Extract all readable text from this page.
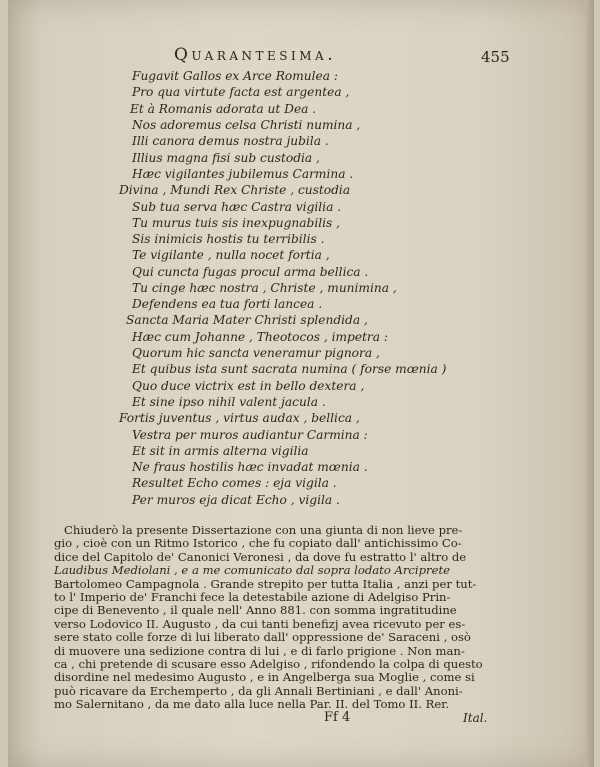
Quarantesima.	455
Fugavit Gallos ex Arce Romulea :
Pro qua virtute facta est argentea ,
Et à Romanis adorata ut Dea .
Nos adoremus celsa Christi numina ,
Illi canora demus nostra jubila .
Illius magna fisi sub custodia ,
Hæc vigilantes jubilemus Carmina .
Divina , Mundi Rex Christe , custodia
Sub tua serva hæc Castra vigilia .
Tu murus tuis sis inexpugnabilis ,
Sis inimicis hostis tu terribilis .
Te vigilante , nulla nocet fortia ,
Qui cuncta fugas procul arma bellica .
Tu cinge hæc nostra , Christe , munimina ,
Defendens ea tua forti lancea .
Sancta Maria Mater Christi splendida ,
Hæc cum Johanne , Theotocos , impetra :
Quorum hic sancta veneramur pignora ,
Et quibus ista sunt sacrata numina ( forse mœnia )
Quo duce victrix est in bello dextera ,
Et sine ipso nihil valent jacula .
Fortis juventus , virtus audax , bellica ,
Vestra per muros audiantur Carmina :
Et sit in armis alterna vigilia
Ne fraus hostilis hæc invadat mœnia .
Resultet Echo comes : eja vigila .
Per muros eja dicat Echo , vigila .
Chiuderò la presente Dissertazione con una giunta di non lieve pre-
gio , cioè con un Ritmo Istorico , che fu copiato dall' antichissimo Co-
dice del Capitolo de' Canonici Veronesi , da dove fu estratto l' altro de
Laudibus Mediolani , e a me comunicato dal sopra lodato Arciprete
Bartolomeo Campagnola . Grande strepito per tutta Italia , anzi per tut-
to l' Imperio de' Franchi fece la detestabile azione di Adelgiso Prin-
cipe di Benevento , il quale nell' Anno 881. con somma ingratitudine
verso Lodovico II. Augusto , da cui tanti benefizj avea ricevuto per es-
sere stato colle forze di lui liberato dall' oppressione de' Saraceni , osò
di muovere una sedizione contra di lui , e di farlo prigione . Non man-
ca , chi pretende di scusare esso Adelgiso , rifondendo la colpa di questo
disordine nel medesimo Augusto , e in Angelberga sua Moglie , come si
può ricavare da Erchemperto , da gli Annali Bertiniani , e dall' Anoni-
mo Salernitano , da me dato alla luce nella Par. II. del Tomo II. Rer.
Ff 4	Ital.
